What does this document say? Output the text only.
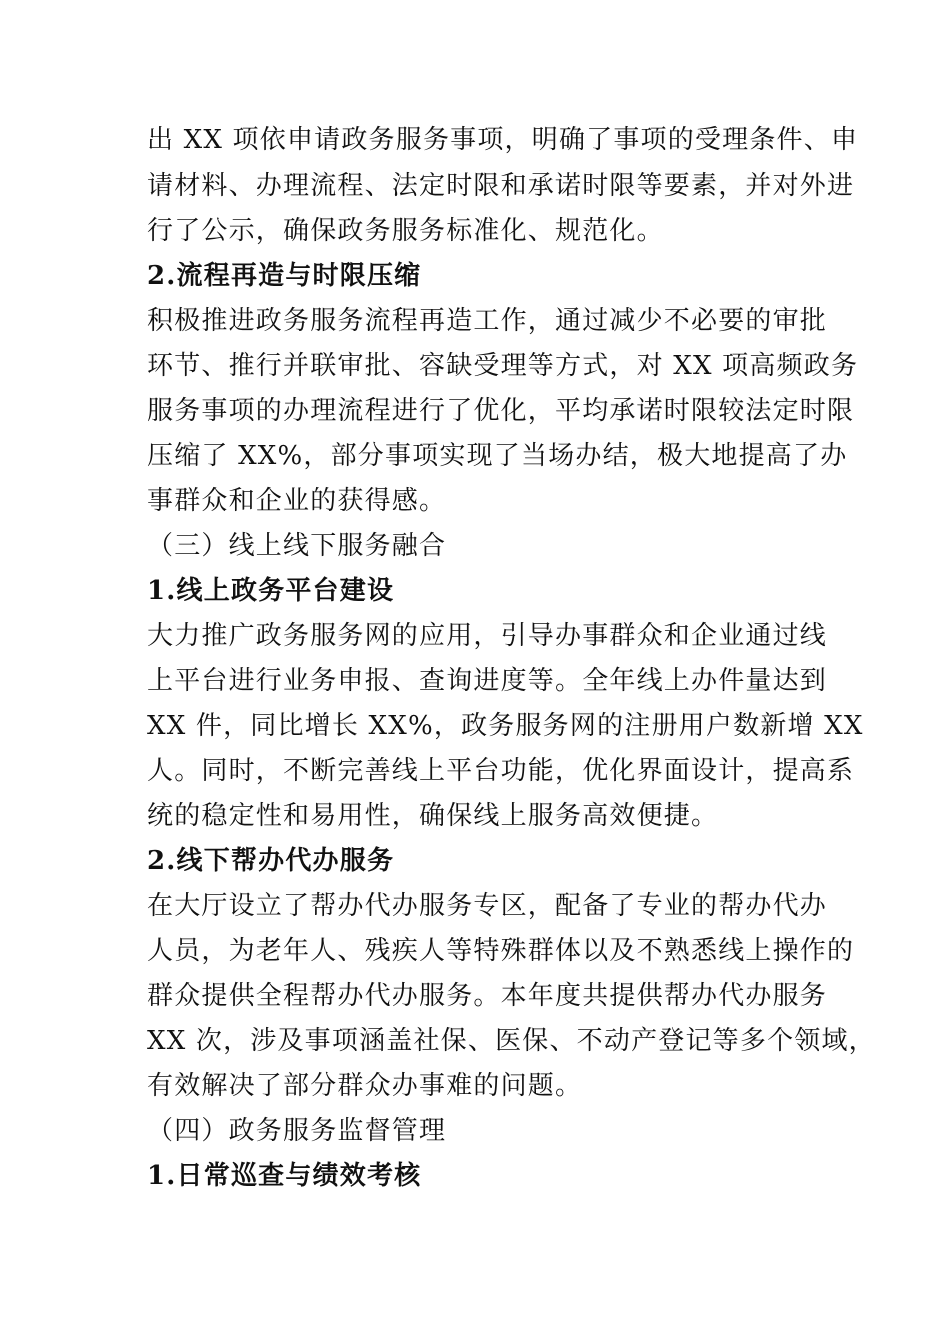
出 XX 项依申请政务服务事项，明确了事项的受理条件、申
请材料、办理流程、法定时限和承诺时限等要素，并对外进
行了公示，确保政务服务标准化、规范化。
2.流程再造与时限压缩
积极推进政务服务流程再造工作，通过减少不必要的审批
环节、推行并联审批、容缺受理等方式，对 XX 项高频政务
服务事项的办理流程进行了优化，平均承诺时限较法定时限
压缩了 XX%，部分事项实现了当场办结，极大地提高了办
事群众和企业的获得感。
（三）线上线下服务融合
1.线上政务平台建设
大力推广政务服务网的应用，引导办事群众和企业通过线
上平台进行业务申报、查询进度等。全年线上办件量达到
XX 件，同比增长 XX%，政务服务网的注册用户数新增 XX
人。同时，不断完善线上平台功能，优化界面设计，提高系
统的稳定性和易用性，确保线上服务高效便捷。
2.线下帮办代办服务
在大厅设立了帮办代办服务专区，配备了专业的帮办代办
人员，为老年人、残疾人等特殊群体以及不熟悉线上操作的
群众提供全程帮办代办服务。本年度共提供帮办代办服务
XX 次，涉及事项涵盖社保、医保、不动产登记等多个领域，
有效解决了部分群众办事难的问题。
（四）政务服务监督管理
1.日常巡查与绩效考核
